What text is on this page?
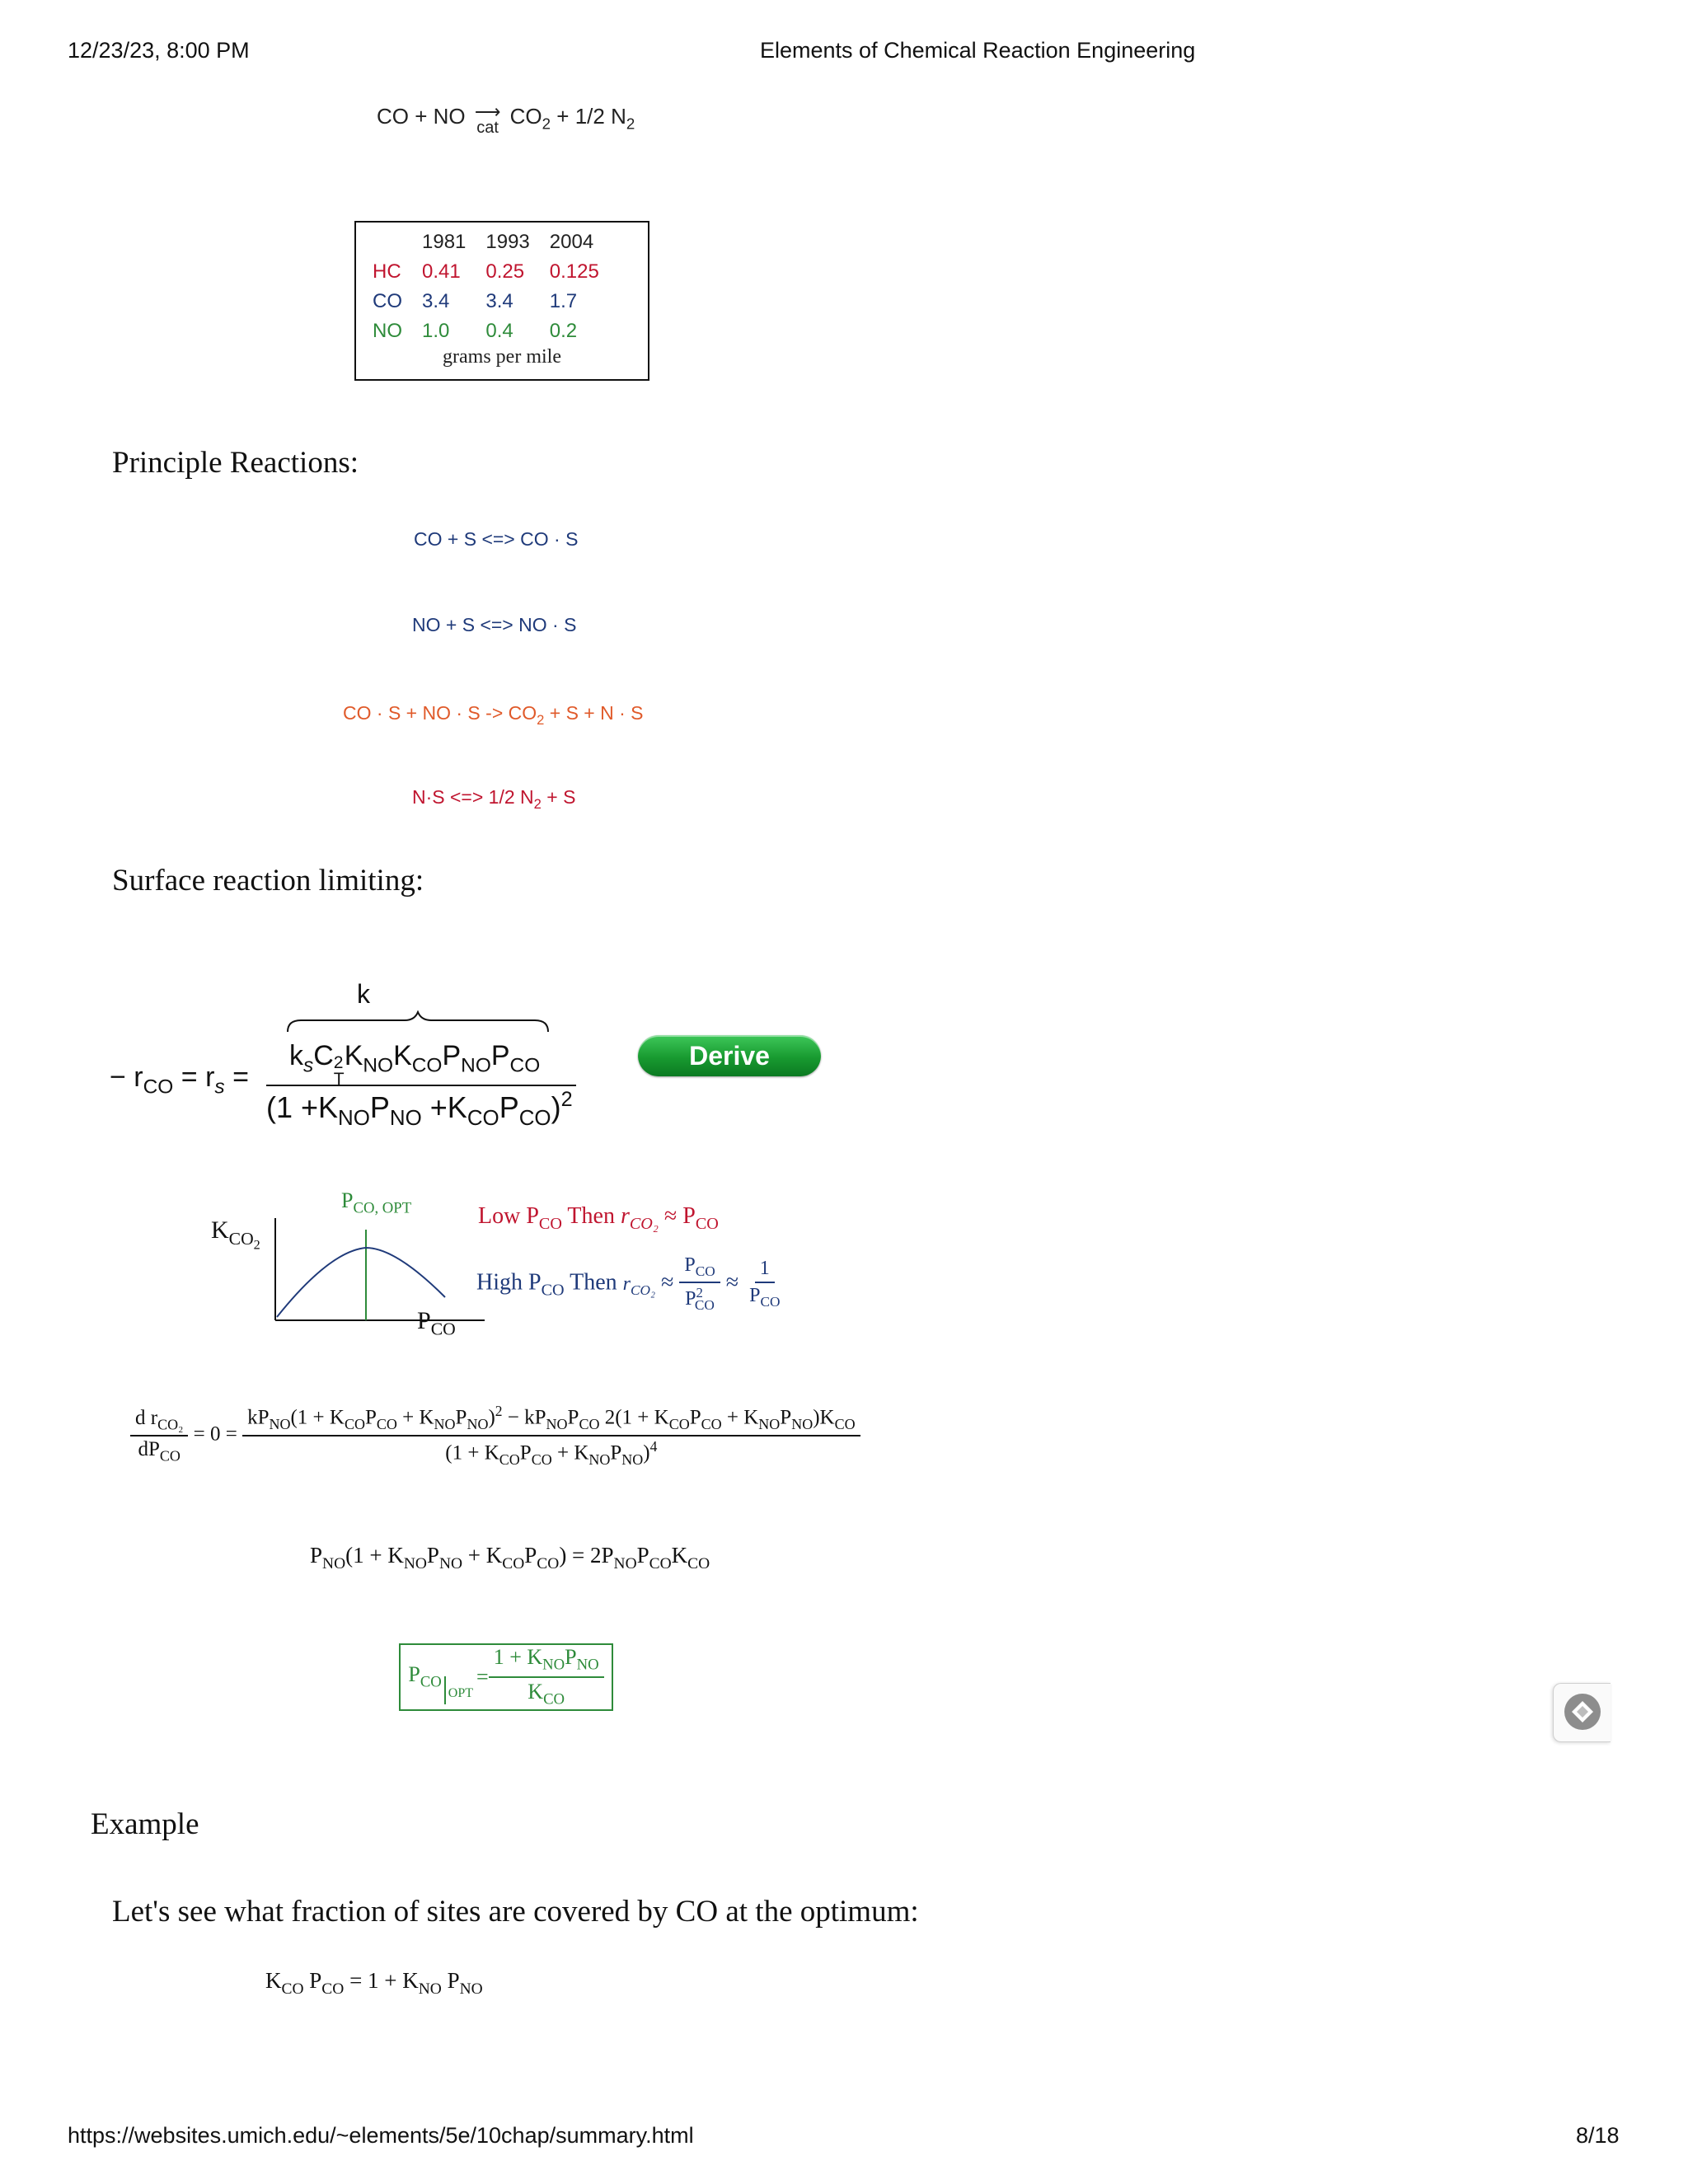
12/23/23, 8:00 PM	Elements of Chemical Reaction Engineering
CO + NO ⟶
cat $CO_2 + 1/2$ $N_2$
	1981	1993	2004
HC	0.41	0.25	0.125
CO	3.4	3.4	1.7
NO	1.0	0.4	0.2
grams per mile
Principle Reactions:
CO + S <=> CO · S
NO + S <=> NO · S
CO · S + NO · $S -> CO_2 + S + N \cdot S$
N·S <=> 1/2 $N_2 + S$
Surface reaction limiting:
k
− $r_{CO} = r_s$ =
$k_sC$ 2
T
$K_{NO}K_{CO}P_{NO}P_{CO}$
$(1 +K_{NO}P_{NO} +K_{CO}P_{CO})^2$
Derive
$K_{CO_2}$
$P_{CO, OPT}$
$P_{CO}$
Low $P_{CO}$ Then $r_{CO_2} \approx P_{CO}$
High $P_{CO}$ Then $r_{CO_2} \approx \frac{P_{CO}}{P^2_{CO}} \approx \frac{1}{P_{CO}}$
$\frac{d r_{CO_2}}{dP_{CO}} = 0$ =
$kP_{NO}(1 + K_{CO}P_{CO} + K_{NO}P_{NO})^2 - kP_{NO}P_{CO}$ $2(1 + K_{CO}P_{CO} + K_{NO}P_{NO})K_{CO}$
$(1 + K_{CO}P_{CO} + K_{NO}P_{NO})^4$
$P_{NO}(1 + K_{NO}P_{NO} + K_{CO}P_{CO}) = 2P_{NO}P_{CO}K_{CO}$
$P_{CO}$
$_{OPT}$
= $\frac{1 + K_{NO}P_{NO}}{K_{CO}}$
Example
Let's see what fraction of sites are covered by CO at the optimum:
$K_{CO}$ $P_{CO} = 1 + K_{NO}$ $P_{NO}$
https://websites.umich.edu/~elements/5e/10chap/summary.html	8/18
